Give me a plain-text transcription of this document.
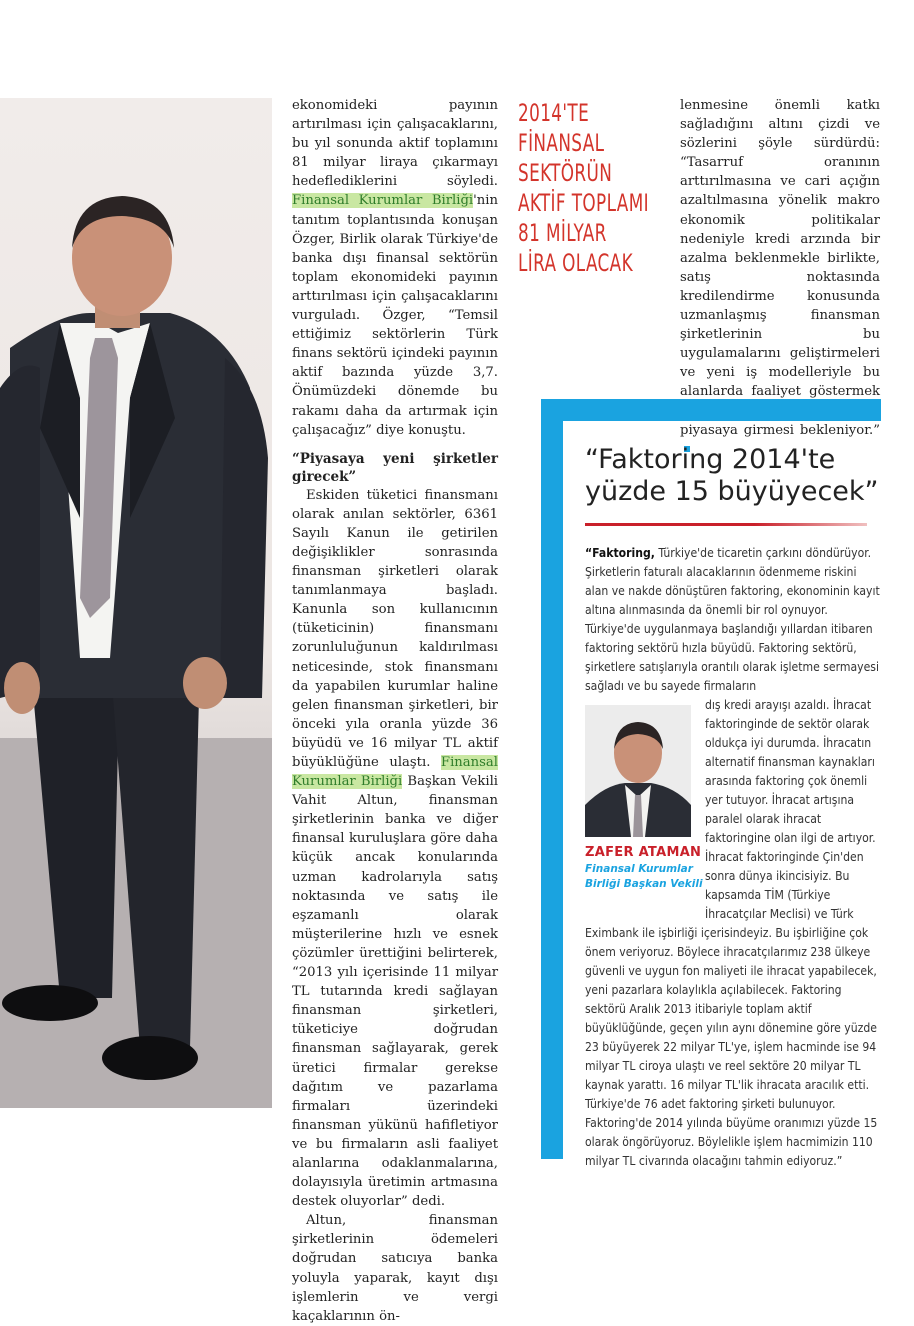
ekonomideki payının artırılması için çalışacaklarını, bu yıl sonunda aktif toplamını 81 milyar liraya çıkarmayı hedeflediklerini söyledi. Finansal Kurumlar Birliği'nin tanıtım toplantısında konuşan Özger, Birlik olarak Türkiye'de banka dışı finansal sektörün toplam ekonomideki payının arttırılması için çalışacaklarını vurguladı. Özger, “Temsil ettiğimiz sektörlerin Türk finans sektörü içindeki payının aktif bazında yüzde 3,7. Önümüzdeki dönemde bu rakamı daha da artırmak için çalışacağız” diye konuştu.

“Piyasaya yeni şirketler girecek”

Eskiden tüketici finansmanı olarak anılan sektörler, 6361 Sayılı Kanun ile getirilen değişiklikler sonrasında finansman şirketleri olarak tanımlanmaya başladı. Kanunla son kullanıcının (tüketicinin) finansmanı zorunluluğunun kaldırılması neticesinde, stok finansmanı da yapabilen kurumlar haline gelen finansman şirketleri, bir önceki yıla oranla yüzde 36 büyüdü ve 16 milyar TL aktif büyüklüğüne ulaştı. Finansal Kurumlar Birliği Başkan Vekili Vahit Altun, finansman şirketlerinin banka ve diğer finansal kuruluşlara göre daha küçük ancak konularında uzman kadrolarıyla satış noktasında ve satış ile eşzamanlı olarak müşterilerine hızlı ve esnek çözümler ürettiğini belirterek, “2013 yılı içerisinde 11 milyar TL tutarında kredi sağlayan finansman şirketleri, tüketiciye doğrudan finansman sağlayarak, gerek üretici firmalar gerekse dağıtım ve pazarlama firmaları üzerindeki finansman yükünü hafifletiyor ve bu firmaların asli faaliyet alanlarına odaklanmalarına, dolayısıyla üretimin artmasına destek oluyorlar” dedi.

Altun, finansman şirketlerinin ödemeleri doğrudan satıcıya banka yoluyla yaparak, kayıt dışı işlemlerin ve vergi kaçaklarının ön-

2014'TE
FİNANSAL
SEKTÖRÜN
AKTİF TOPLAMI
81 MİLYAR
LİRA OLACAK

lenmesine önemli katkı sağladığını altını çizdi ve sözlerini şöyle sürdürdü: “Tasarruf oranının arttırılmasına ve cari açığın azaltılmasına yönelik makro ekonomik politikalar nedeniyle kredi arzında bir azalma beklenmekle birlikte, satış noktasında kredilendirme konusunda uzmanlaşmış finansman şirketlerinin bu uygulamalarını geliştirmeleri ve yeni iş modelleriyle bu alanlarda faaliyet göstermek piyasaya girmesi bekleniyor.”

“Faktoring 2014'te
yüzde 15 büyüyecek”

“Faktoring, Türkiye'de ticaretin çarkını döndürüyor. Şirketlerin faturalı alacaklarının ödenmeme riskini alan ve nakde dönüştüren faktoring, ekonominin kayıt altına alınmasında da önemli bir rol oynuyor. Türkiye'de uygulanmaya başlandığı yıllardan itibaren faktoring sektörü hızla büyüdü. Faktoring sektörü, şirketlere satışlarıyla orantılı olarak işletme sermayesi sağladı ve bu sayede firmaların

dış kredi arayışı azaldı. İhracat faktoringinde de sektör olarak oldukça iyi durumda. İhracatın alternatif finansman kaynakları arasında faktoring çok önemli yer tutuyor. İhracat artışına paralel olarak ihracat faktoringine olan ilgi de artıyor. İhracat faktoringinde Çin'den sonra dünya ikincisiyiz. Bu kapsamda TİM (Türkiye İhracatçılar Meclisi) ve Türk

Eximbank ile işbirliği içerisindeyiz. Bu işbirliğine çok önem veriyoruz. Böylece ihracatçılarımız 238 ülkeye güvenli ve uygun fon maliyeti ile ihracat yapabilecek, yeni pazarlara kolaylıkla açılabilecek. Faktoring sektörü Aralık 2013 itibariyle toplam aktif büyüklüğünde, geçen yılın aynı dönemine göre yüzde 23 büyüyerek 22 milyar TL'ye, işlem hacminde ise 94 milyar TL ciroya ulaştı ve reel sektöre 20 milyar TL kaynak yarattı. 16 milyar TL'lik ihracata aracılık etti. Türkiye'de 76 adet faktoring şirketi bulunuyor. Faktoring'de 2014 yılında büyüme oranımızı yüzde 15 olarak öngörüyoruz. Böylelikle işlem hacmimizin 110 milyar TL civarında olacağını tahmin ediyoruz.”

ZAFER ATAMAN
Finansal Kurumlar Birliği Başkan Vekili
